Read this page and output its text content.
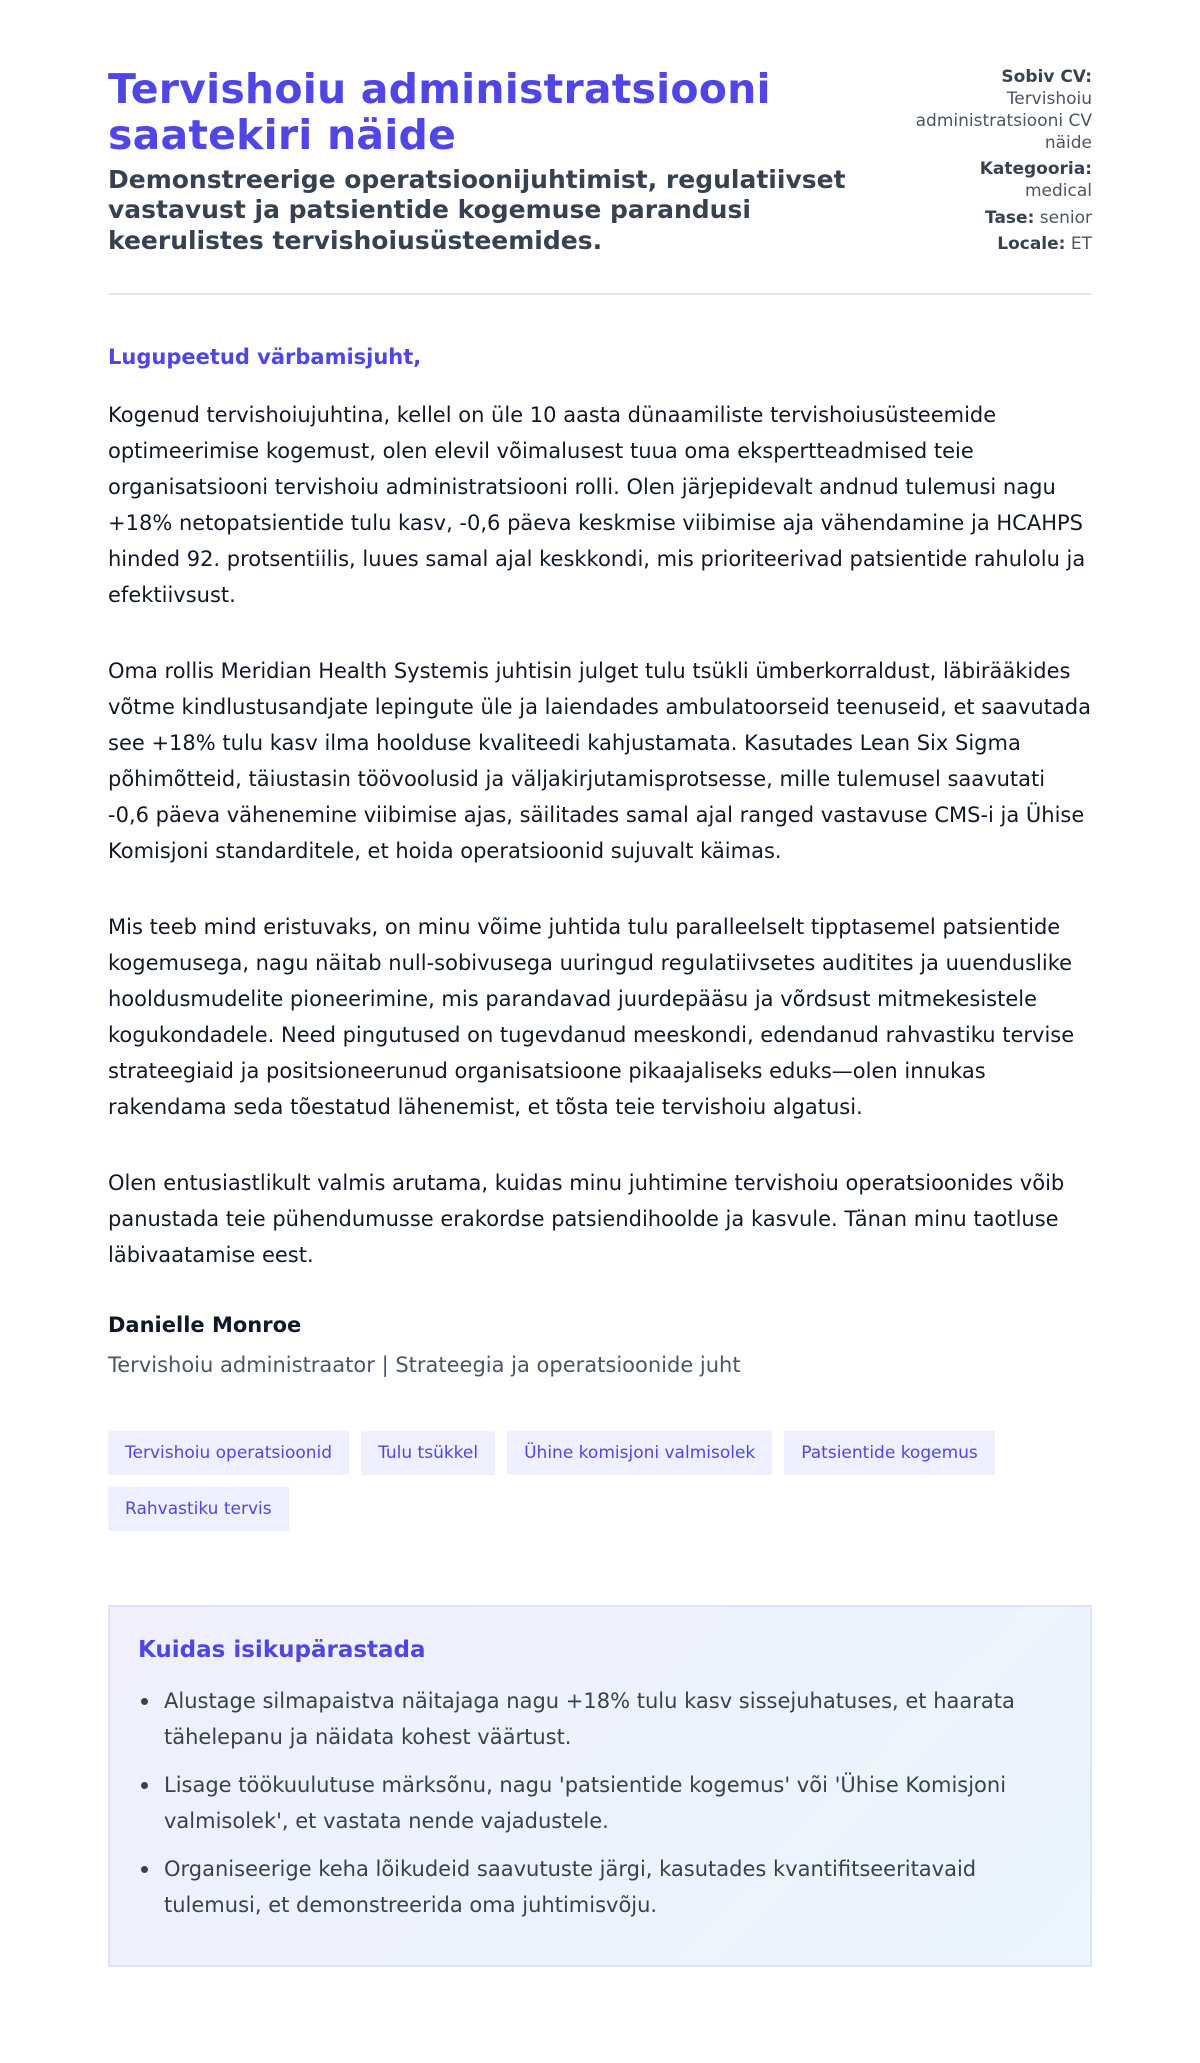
Tervishoiu administratsiooni saatekiri näide
Demonstreerige operatsioonijuhtimist, regulatiivset vastavust ja patsientide kogemuse parandusi keerulistes tervishoiusüsteemides.
Sobiv CV:
Tervishoiu administratsiooni CV näide
Kategooria:
medical
Tase: senior
Locale: ET

Lugupeetud värbamisjuht,

Kogenud tervishoiujuhtina, kellel on üle 10 aasta dünaamiliste tervishoiusüsteemide optimeerimise kogemust, olen elevil võimalusest tuua oma ekspertteadmised teie organisatsiooni tervishoiu administratsiooni rolli. Olen järjepidevalt andnud tulemusi nagu +18% netopatsientide tulu kasv, -0,6 päeva keskmise viibimise aja vähendamine ja HCAHPS hinded 92. protsentiilis, luues samal ajal keskkondi, mis prioriteerivad patsientide rahulolu ja efektiivsust.

Oma rollis Meridian Health Systemis juhtisin julget tulu tsükli ümberkorraldust, läbirääkides võtme kindlustusandjate lepingute üle ja laiendades ambulatoorseid teenuseid, et saavutada see +18% tulu kasv ilma hoolduse kvaliteedi kahjustamata. Kasutades Lean Six Sigma põhimõtteid, täiustasin töövoolusid ja väljakirjutamisprotsesse, mille tulemusel saavutati -0,6 päeva vähenemine viibimise ajas, säilitades samal ajal ranged vastavuse CMS-i ja Ühise Komisjoni standarditele, et hoida operatsioonid sujuvalt käimas.

Mis teeb mind eristuvaks, on minu võime juhtida tulu paralleelselt tipptasemel patsientide kogemusega, nagu näitab null-sobivusega uuringud regulatiivsetes auditites ja uuenduslike hooldusmudelite pioneerimine, mis parandavad juurdepääsu ja võrdsust mitmekesistele kogukondadele. Need pingutused on tugevdanud meeskondi, edendanud rahvastiku tervise strateegiaid ja positsioneerunud organisatsioone pikaajaliseks eduks—olen innukas rakendama seda tõestatud lähenemist, et tõsta teie tervishoiu algatusi.

Olen entusiastlikult valmis arutama, kuidas minu juhtimine tervishoiu operatsioonides võib panustada teie pühendumusse erakordse patsiendihoolde ja kasvule. Tänan minu taotluse läbivaatamise eest.

Danielle Monroe
Tervishoiu administraator | Strateegia ja operatsioonide juht
Tervishoiu operatsioonid	Tulu tsükkel	Ühine komisjoni valmisolek	Patsientide kogemus
Rahvastiku tervis
Kuidas isikupärastada
Alustage silmapaistva näitajaga nagu +18% tulu kasv sissejuhatuses, et haarata tähelepanu ja näidata kohest väärtust.
Lisage töökuulutuse märksõnu, nagu 'patsientide kogemus' või 'Ühise Komisjoni valmisolek', et vastata nende vajadustele.
Organiseerige keha lõikudeid saavutuste järgi, kasutades kvantifitseeritavaid tulemusi, et demonstreerida oma juhtimisvõju.
